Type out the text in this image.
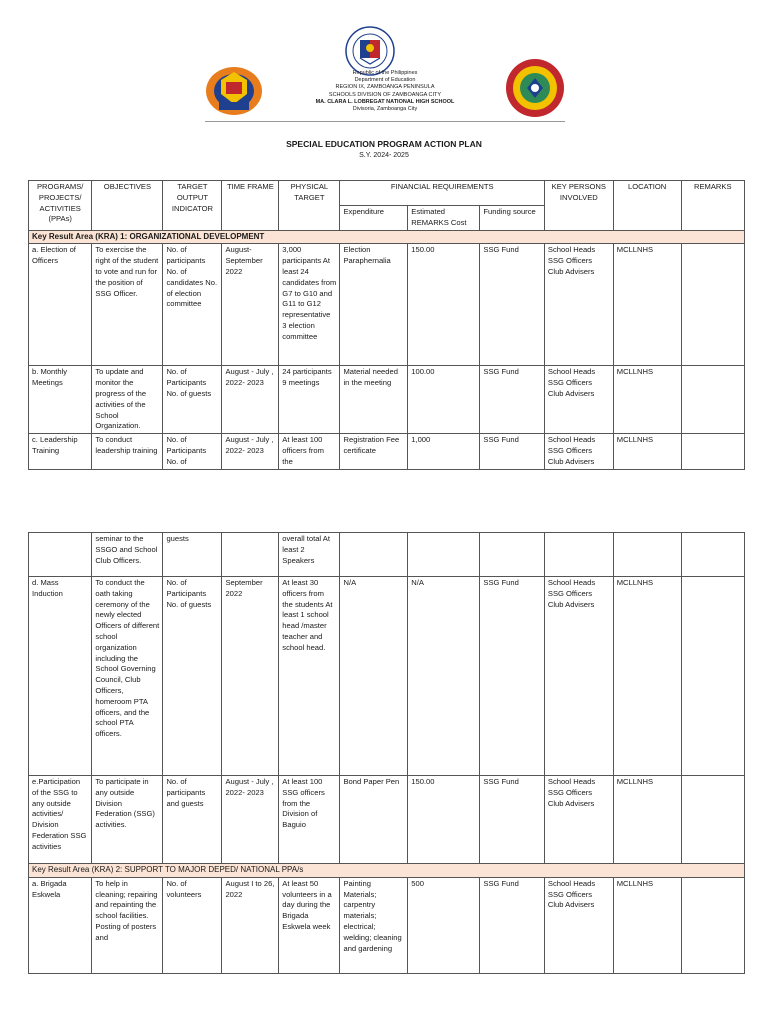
Republic of the Philippines
Department of Education
REGION IX, ZAMBOANGA PENINSULA
SCHOOLS DIVISION OF ZAMBOANGA CITY
MA. CLARA L. LOBREGAT NATIONAL HIGH SCHOOL
Divisoria, Zamboanga City
SPECIAL EDUCATION PROGRAM ACTION PLAN
S.Y. 2024- 2025
PROGRAMS/ PROJECTS/ ACTIVITIES (PPAs)	OBJECTIVES	TARGET OUTPUT INDICATOR	TIME FRAME	PHYSICAL TARGET	FINANCIAL REQUIREMENTS			KEY PERSONS INVOLVED	LOCATION	REMARKS
					Expenditure	Estimated REMARKS Cost	Funding source			
Key Result Area (KRA) 1: ORGANIZATIONAL DEVELOPMENT										
a. Election of Officers	To exercise the right of the student to vote and run for the position of SSG Officer.	No. of participants No. of candidates No. of election committee	August- September 2022	3,000 participants At least 24 candidates from G7 to G10 and G11 to G12 representative 3 election committee	Election Paraphernalia	150.00	SSG Fund	School Heads SSG Officers Club Advisers	MCLLNHS	
b. Monthly Meetings	To update and monitor the progress of the activities of the School Organization.	No. of Participants No. of guests	August - July , 2022- 2023	24 participants 9 meetings	Material needed in the meeting	100.00	SSG Fund	School Heads SSG Officers Club Advisers	MCLLNHS	
c. Leadership Training	To conduct leadership training	No. of Participants No. of	August - July , 2022- 2023	At least 100 officers from the	Registration Fee certificate	1,000	SSG Fund	School Heads SSG Officers Club Advisers	MCLLNHS	
	seminar to the SSGO and School Club Officers.	guests		overall total At least 2 Speakers						
d. Mass Induction	To conduct the oath taking ceremony of the newly elected Officers of different school organization including the School Governing Council, Club Officers, homeroom PTA officers, and the school PTA officers.	No. of Participants No. of guests	September 2022	At least 30 officers from the students At least 1 school head /master teacher and school head.	N/A	N/A	SSG Fund	School Heads SSG Officers Club Advisers	MCLLNHS	
e.Participation of the SSG to any outside activities/ Division Federation SSG activities	To participate in any outside Division Federation (SSG) activities.	No. of participants and guests	August - July , 2022- 2023	At least 100 SSG officers from the Division of Baguio	Bond Paper Pen	150.00	SSG Fund	School Heads SSG Officers Club Advisers	MCLLNHS	
Key Result Area (KRA) 2: SUPPORT TO MAJOR DEPED/ NATIONAL PPA/s										
a. Brigada Eskwela	To help in cleaning; repairing and repainting the school facilities. Posting of posters and	No. of volunteers	August I to 26, 2022	At least 50 volunteers in a day during the Brigada Eskwela week	Painting Materials; carpentry materials; electrical; welding; cleaning and gardening	500	SSG Fund	School Heads SSG Officers Club Advisers	MCLLNHS	
